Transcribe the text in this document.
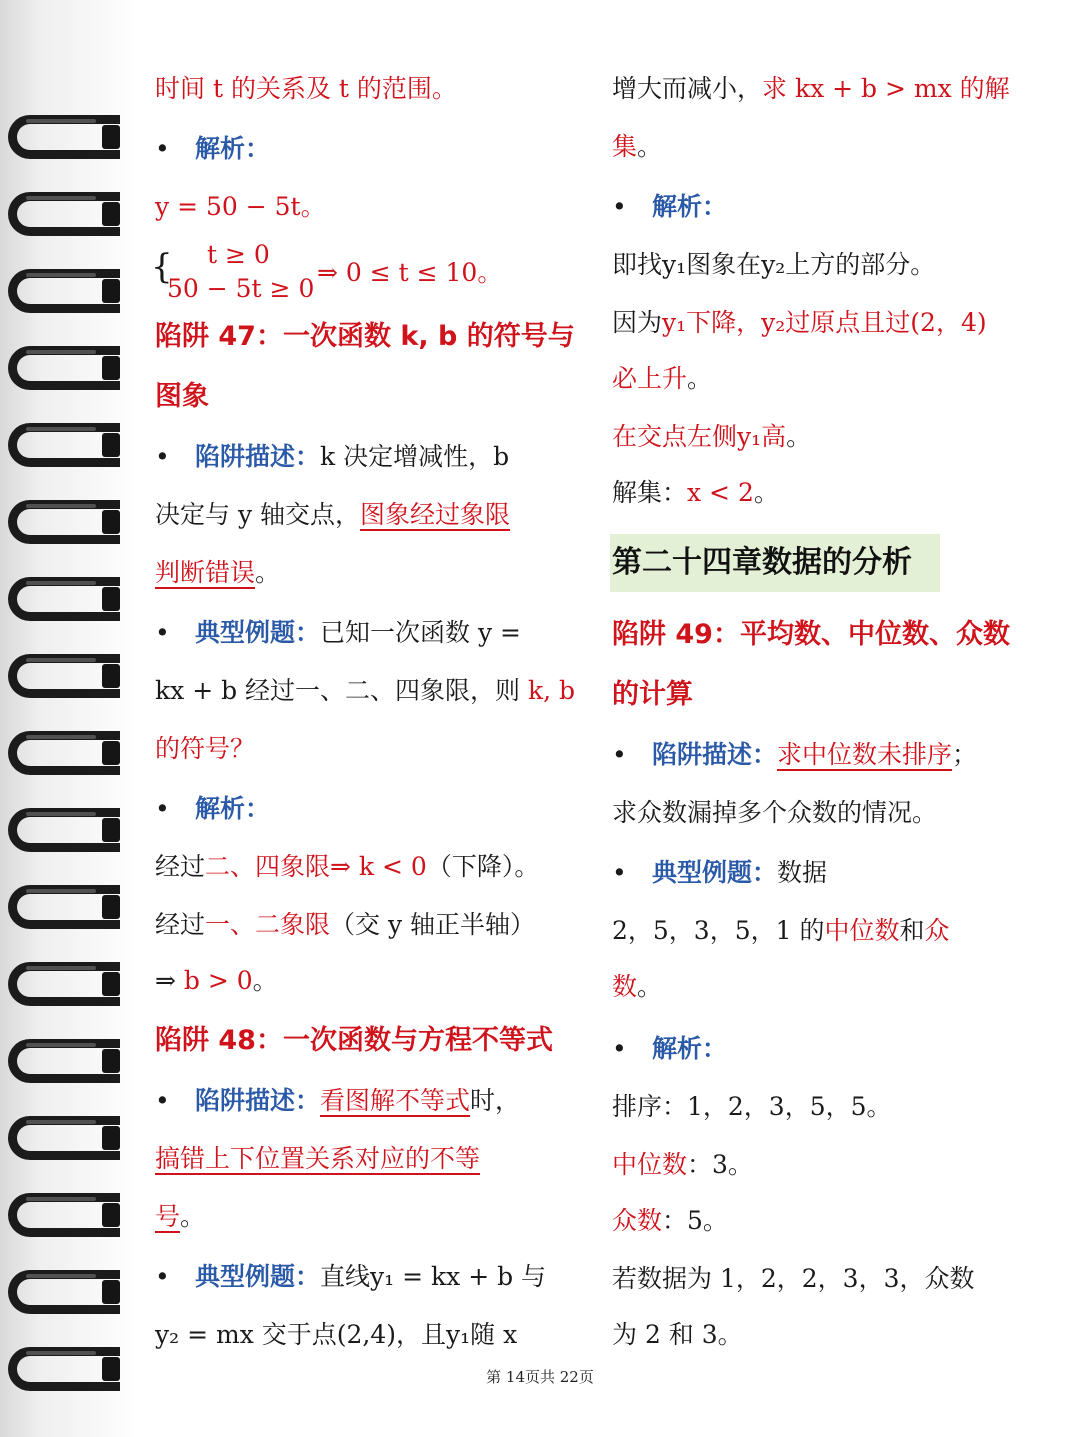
时间 t 的关系及 t 的范围。
• 解析：
y = 50 − 5t。
{ t ≥ 0
50 − 5t ≥ 0
⇒ 0 ≤ t ≤ 10。
陷阱 47：一次函数 k, b 的符号与
图象
• 陷阱描述：k 决定增减性，b
决定与 y 轴交点，图象经过象限
判断错误。
• 典型例题：已知一次函数 y =
kx + b 经过一、二、四象限，则 k, b
的符号？
• 解析：
经过二、四象限⇒ k < 0（下降）。
经过一、二象限（交 y 轴正半轴）
⇒ b > 0。
陷阱 48：一次函数与方程不等式
• 陷阱描述：看图解不等式时，
搞错上下位置关系对应的不等
号。
• 典型例题：直线y₁ = kx + b 与
y₂ = mx 交于点(2,4)，且y₁随 x
增大而减小，求 kx + b > mx 的解
集。
• 解析：
即找y₁图象在y₂上方的部分。
因为y₁下降，y₂过原点且过(2，4)
必上升。
在交点左侧y₁高。
解集：x < 2。
第二十四章数据的分析
陷阱 49：平均数、中位数、众数
的计算
• 陷阱描述：求中位数未排序；
求众数漏掉多个众数的情况。
• 典型例题：数据
2，5，3，5，1 的中位数和众
数。
• 解析：
排序：1，2，3，5，5。
中位数：3。
众数：5。
若数据为 1，2，2，3，3，众数
为 2 和 3。
第 14页共 22页
